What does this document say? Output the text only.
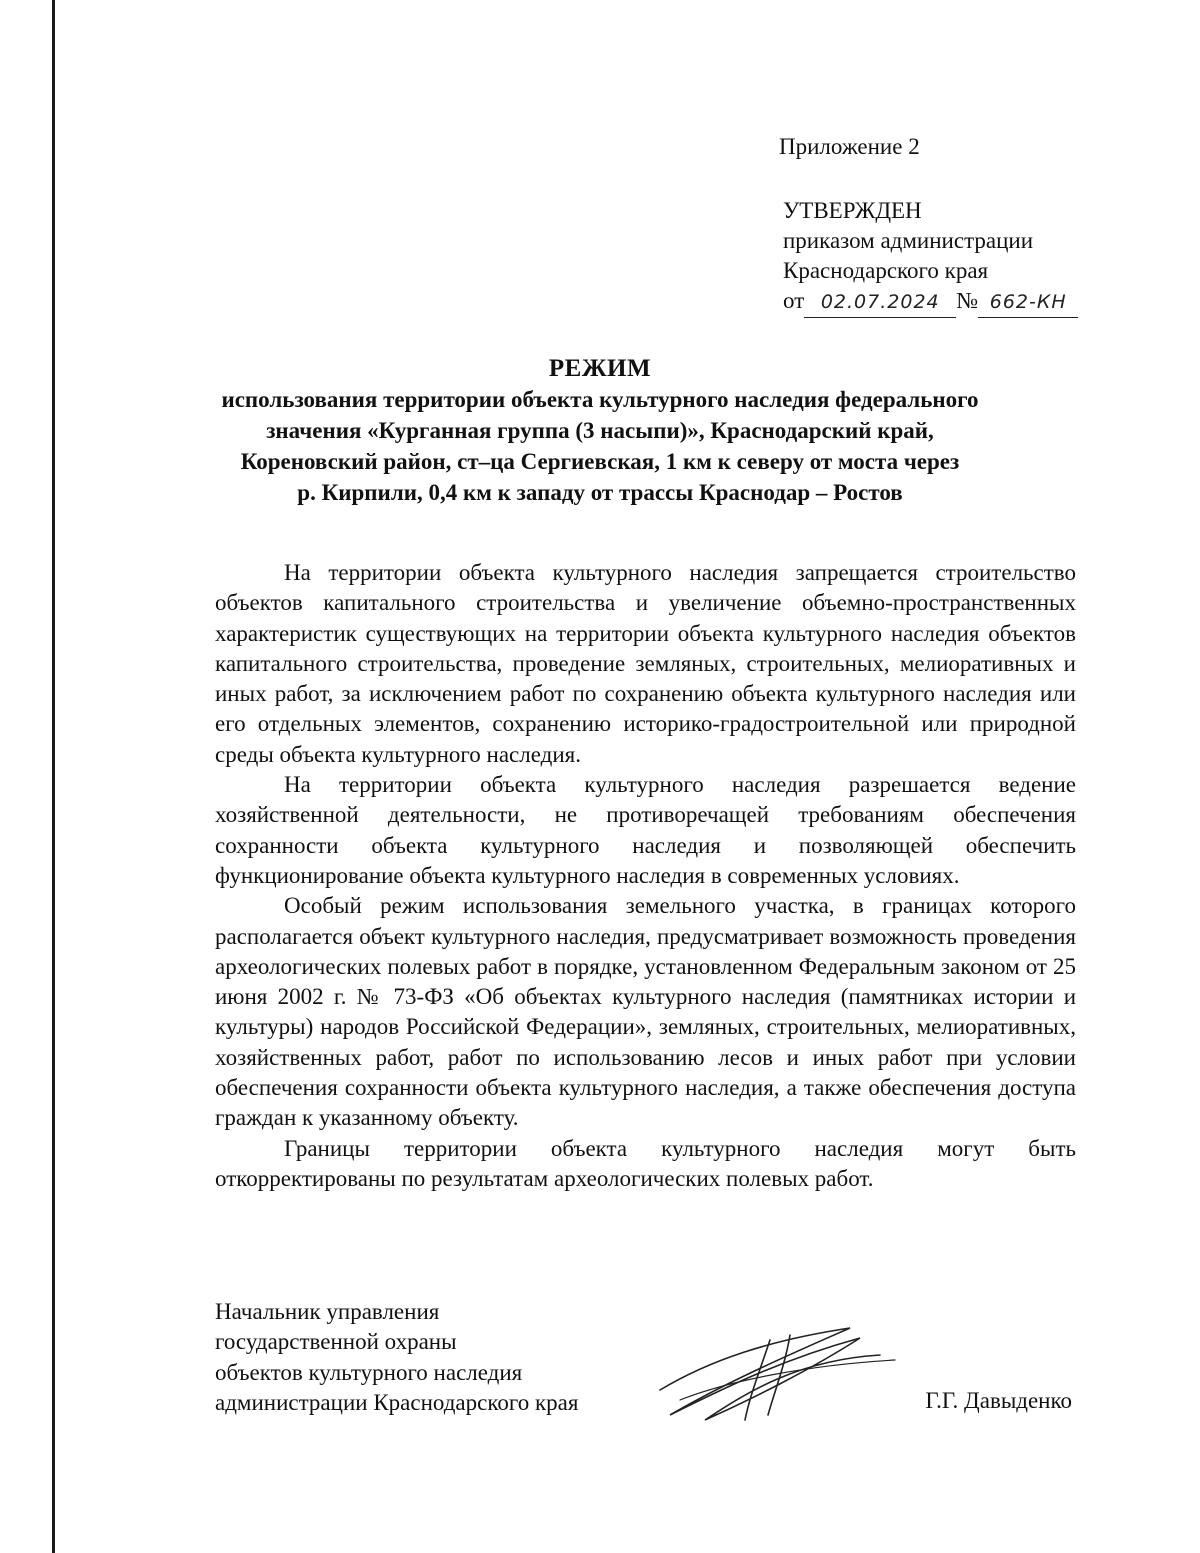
Приложение 2
УТВЕРЖДЕН
приказом администрации
Краснодарского края
от 02.07.2024 № 662-КН
РЕЖИМ
использования территории объекта культурного наследия федерального
значения «Курганная группа (3 насыпи)», Краснодарский край,
Кореновский район, ст–ца Сергиевская, 1 км к северу от моста через
р. Кирпили, 0,4 км к западу от трассы Краснодар – Ростов

На территории объекта культурного наследия запрещается строительство объектов капитального строительства и увеличение объемно-пространственных характеристик существующих на территории объекта культурного наследия объектов капитального строительства, проведение земляных, строительных, мелиоративных и иных работ, за исключением работ по сохранению объекта культурного наследия или его отдельных элементов, сохранению историко-градостроительной или природной среды объекта культурного наследия.

На территории объекта культурного наследия разрешается ведение хозяйственной деятельности, не противоречащей требованиям обеспечения сохранности объекта культурного наследия и позволяющей обеспечить функционирование объекта культурного наследия в современных условиях.

Особый режим использования земельного участка, в границах которого располагается объект культурного наследия, предусматривает возможность проведения археологических полевых работ в порядке, установленном Федеральным законом от 25 июня 2002 г. № 73-ФЗ «Об объектах культурного наследия (памятниках истории и культуры) народов Российской Федерации», земляных, строительных, мелиоративных, хозяйственных работ, работ по использованию лесов и иных работ при условии обеспечения сохранности объекта культурного наследия, а также обеспечения доступа граждан к указанному объекту.

Границы территории объекта культурного наследия могут быть откорректированы по результатам археологических полевых работ.

Начальник управления
государственной охраны
объектов культурного наследия
администрации Краснодарского края	Г.Г. Давыденко
